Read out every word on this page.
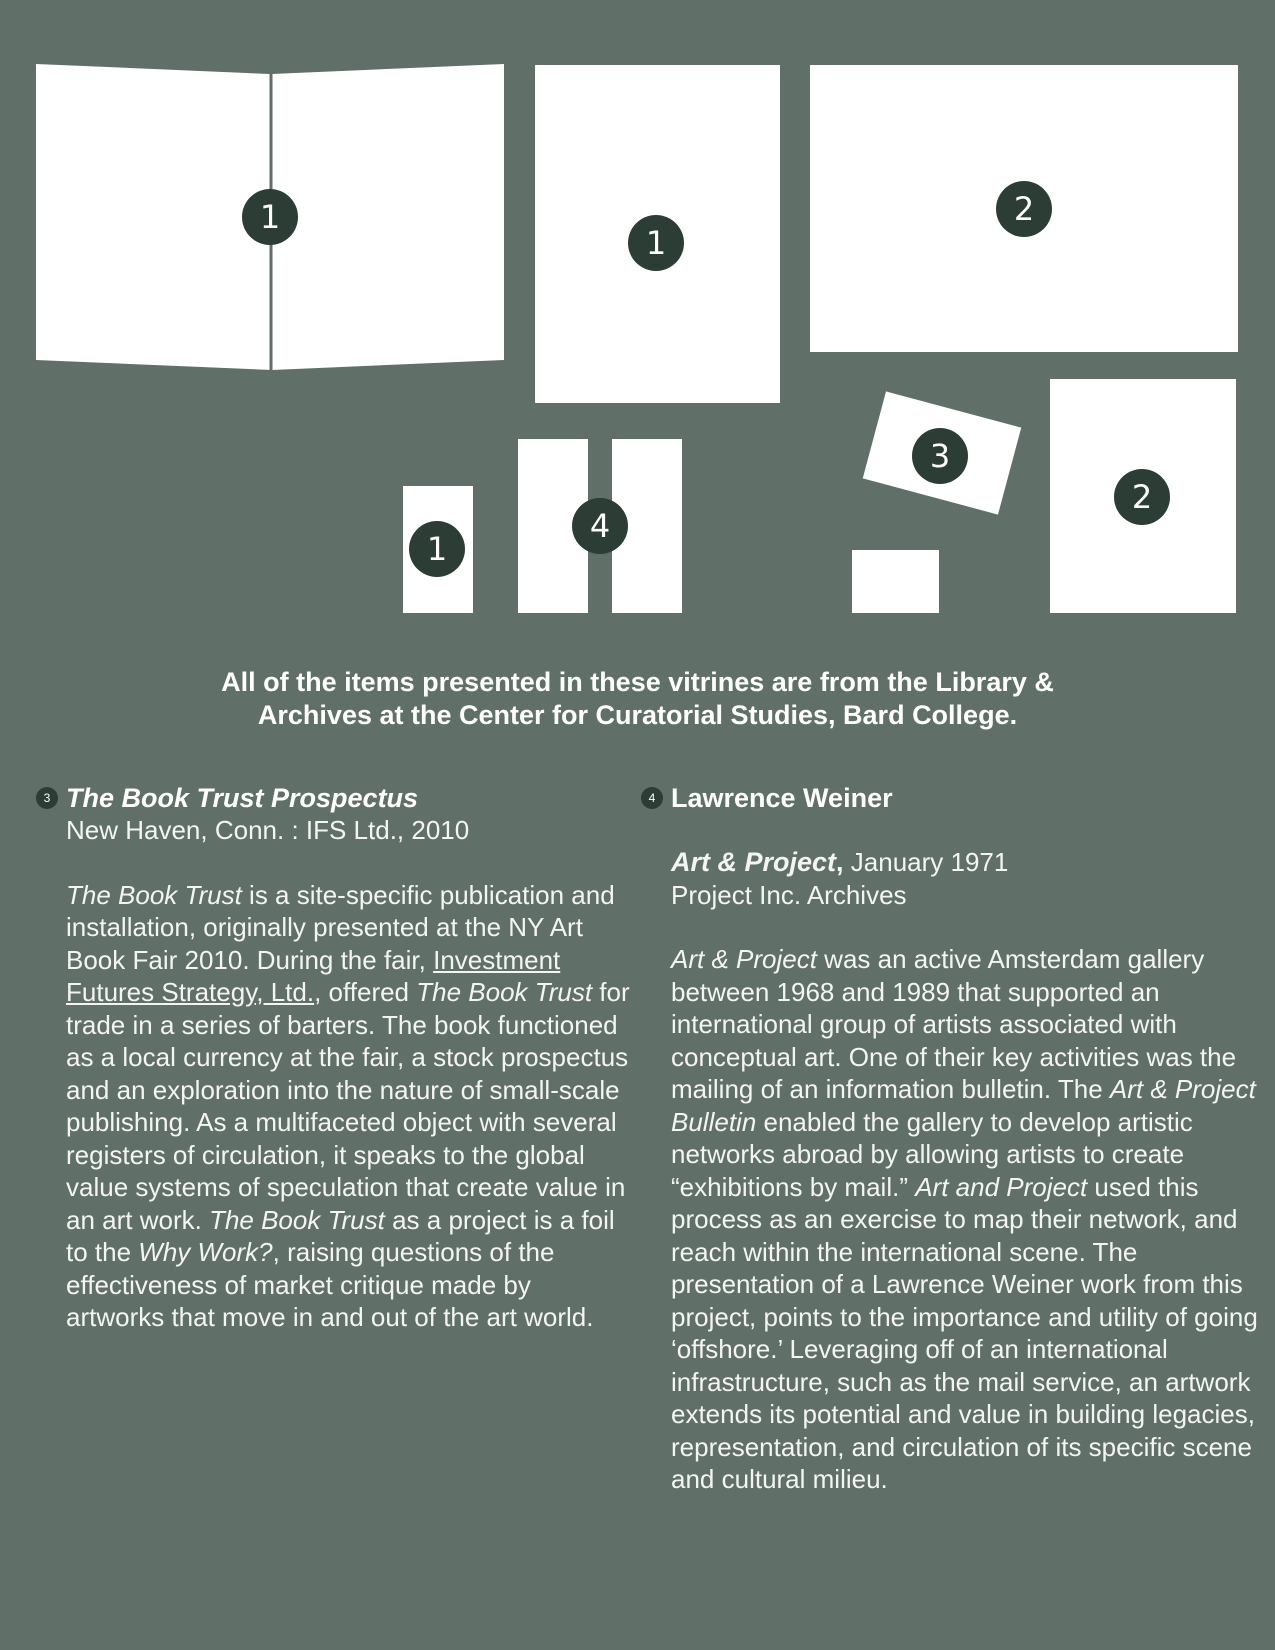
1
1
2
2
3
1
4
All of the items presented in these vitrines are from the Library &
Archives at the Center for Curatorial Studies, Bard College.
3 The Book Trust Prospectus
New Haven, Conn. : IFS Ltd., 2010
The Book Trust is a site-specific publication and installation, originally presented at the NY Art Book Fair 2010. During the fair, Investment Futures Strategy, Ltd., offered The Book Trust for trade in a series of barters. The book functioned as a local currency at the fair, a stock prospectus and an exploration into the nature of small-scale publishing. As a multifaceted object with several registers of circulation, it speaks to the global value systems of speculation that create value in an art work. The Book Trust as a project is a foil to the Why Work?, raising questions of the effectiveness of market critique made by artworks that move in and out of the art world.
4 Lawrence Weiner
Art & Project, January 1971
Project Inc. Archives
Art & Project was an active Amsterdam gallery between 1968 and 1989 that supported an international group of artists associated with conceptual art. One of their key activities was the mailing of an information bulletin. The Art & Project Bulletin enabled the gallery to develop artistic networks abroad by allowing artists to create “exhibitions by mail.” Art and Project used this process as an exercise to map their network, and reach within the international scene. The presentation of a Lawrence Weiner work from this project, points to the importance and utility of going ‘offshore.’ Leveraging off of an international infrastructure, such as the mail service, an artwork extends its potential and value in building legacies, representation, and circulation of its specific scene and cultural milieu.
